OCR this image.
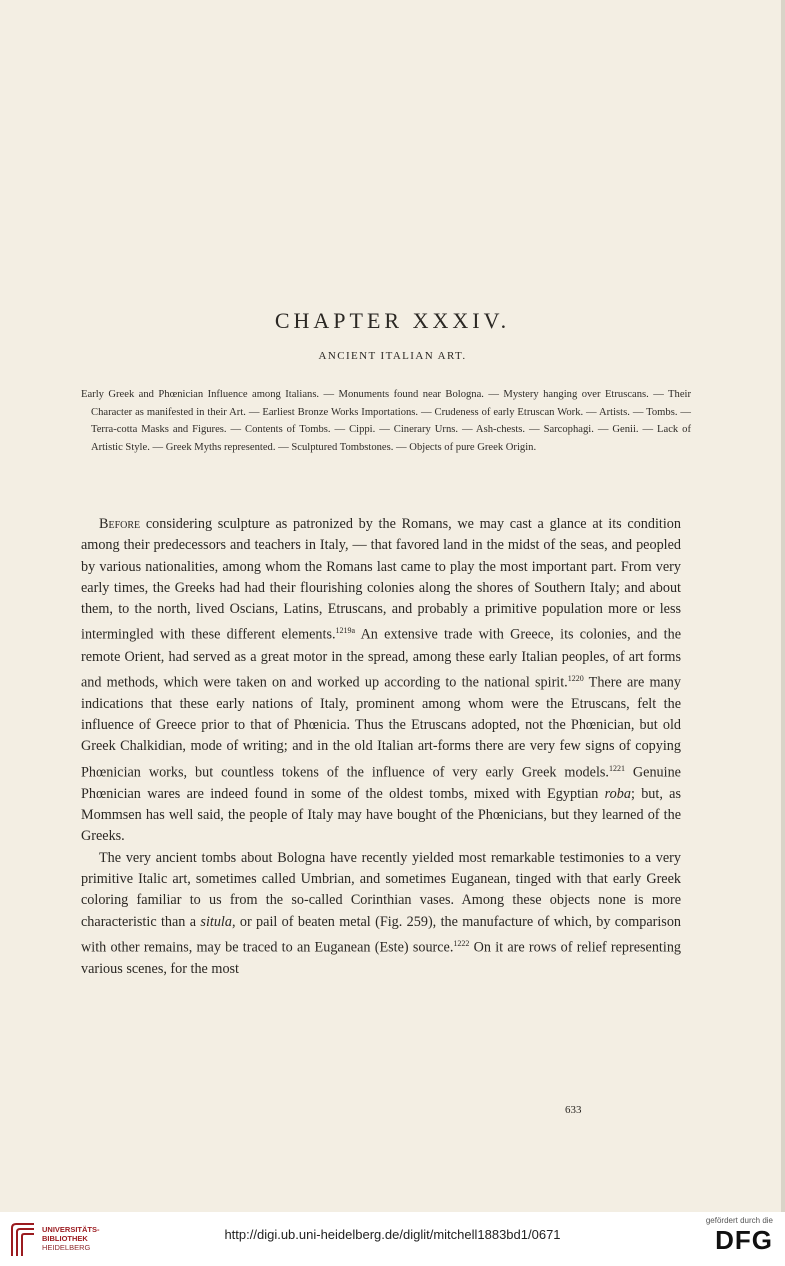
CHAPTER XXXIV.
ANCIENT ITALIAN ART.
Early Greek and Phœnician Influence among Italians. — Monuments found near Bologna. — Mystery hanging over Etruscans. — Their Character as manifested in their Art. — Earliest Bronze Works Importations. — Crudeness of early Etruscan Work. — Artists. — Tombs. — Terra-cotta Masks and Figures. — Contents of Tombs. — Cippi. — Cinerary Urns. — Ash-chests. — Sarcophagi. — Genii. — Lack of Artistic Style. — Greek Myths represented. — Sculptured Tombstones. — Objects of pure Greek Origin.

Before considering sculpture as patronized by the Romans, we may cast a glance at its condition among their predecessors and teachers in Italy, — that favored land in the midst of the seas, and peopled by various nationalities, among whom the Romans last came to play the most important part. From very early times, the Greeks had had their flourishing colonies along the shores of Southern Italy; and about them, to the north, lived Oscians, Latins, Etruscans, and probably a primitive population more or less intermingled with these different elements.$^{1219a}$ An extensive trade with Greece, its colonies, and the remote Orient, had served as a great motor in the spread, among these early Italian peoples, of art forms and methods, which were taken on and worked up according to the national spirit.$^{1220}$ There are many indications that these early nations of Italy, prominent among whom were the Etruscans, felt the influence of Greece prior to that of Phœnicia. Thus the Etruscans adopted, not the Phœnician, but old Greek Chalkidian, mode of writing; and in the old Italian art-forms there are very few signs of copying Phœnician works, but countless tokens of the influence of very early Greek models.$^{1221}$ Genuine Phœnician wares are indeed found in some of the oldest tombs, mixed with Egyptian roba; but, as Mommsen has well said, the people of Italy may have bought of the Phœnicians, but they learned of the Greeks.

The very ancient tombs about Bologna have recently yielded most remarkable testimonies to a very primitive Italic art, sometimes called Umbrian, and sometimes Euganean, tinged with that early Greek coloring familiar to us from the so-called Corinthian vases. Among these objects none is more characteristic than a situla, or pail of beaten metal (Fig. 259), the manufacture of which, by comparison with other remains, may be traced to an Euganean (Este) source.$^{1222}$ On it are rows of relief representing various scenes, for the most

633
UNIVERSITÄTS-
BIBLIOTHEK
HEIDELBERG
http://digi.ub.uni-heidelberg.de/diglit/mitchell1883bd1/0671
gefördert durch die
DFG
